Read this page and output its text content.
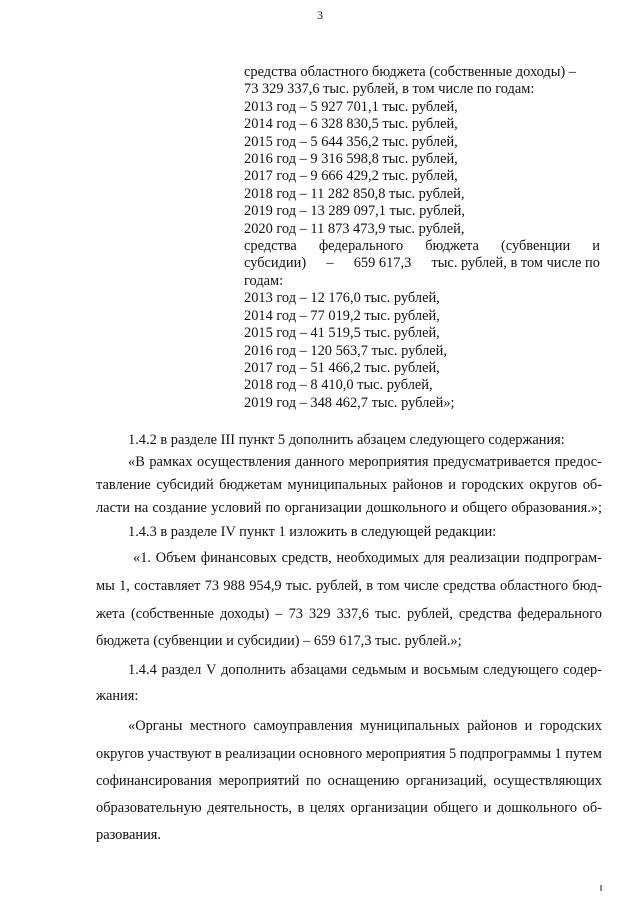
3
средства областного бюджета (собственные доходы) –
73 329 337,6 тыс. рублей, в том числе по годам:
2013 год – 5 927 701,1 тыс. рублей,
2014 год – 6 328 830,5 тыс. рублей,
2015 год – 5 644 356,2 тыс. рублей,
2016 год – 9 316 598,8 тыс. рублей,
2017 год – 9 666 429,2 тыс. рублей,
2018 год – 11 282 850,8 тыс. рублей,
2019 год – 13 289 097,1 тыс. рублей,
2020 год – 11 873 473,9 тыс. рублей,
средства федерального бюджета (субвенции и
субсидии) – 659 617,3 тыс. рублей, в том числе по
годам:
2013 год – 12 176,0 тыс. рублей,
2014 год – 77 019,2 тыс. рублей,
2015 год – 41 519,5 тыс. рублей,
2016 год – 120 563,7 тыс. рублей,
2017 год – 51 466,2 тыс. рублей,
2018 год – 8 410,0 тыс. рублей,
2019 год – 348 462,7 тыс. рублей»;
1.4.2 в разделе III пункт 5 дополнить абзацем следующего содержания:
«В рамках осуществления данного мероприятия предусматривается предос-
тавление субсидий бюджетам муниципальных районов и городских округов об-
ласти на создание условий по организации дошкольного и общего образования.»;
1.4.3 в разделе IV пункт 1 изложить в следующей редакции:
«1. Объем финансовых средств, необходимых для реализации подпрограм-
мы 1, составляет 73 988 954,9 тыс. рублей, в том числе средства областного бюд-
жета (собственные доходы) – 73 329 337,6 тыс. рублей, средства федерального
бюджета (субвенции и субсидии) – 659 617,3 тыс. рублей.»;
1.4.4 раздел V дополнить абзацами седьмым и восьмым следующего содер-
жания:
«Органы местного самоуправления муниципальных районов и городских
округов участвуют в реализации основного мероприятия 5 подпрограммы 1 путем
софинансирования мероприятий по оснащению организаций, осуществляющих
образовательную деятельность, в целях организации общего и дошкольного об-
разования.
